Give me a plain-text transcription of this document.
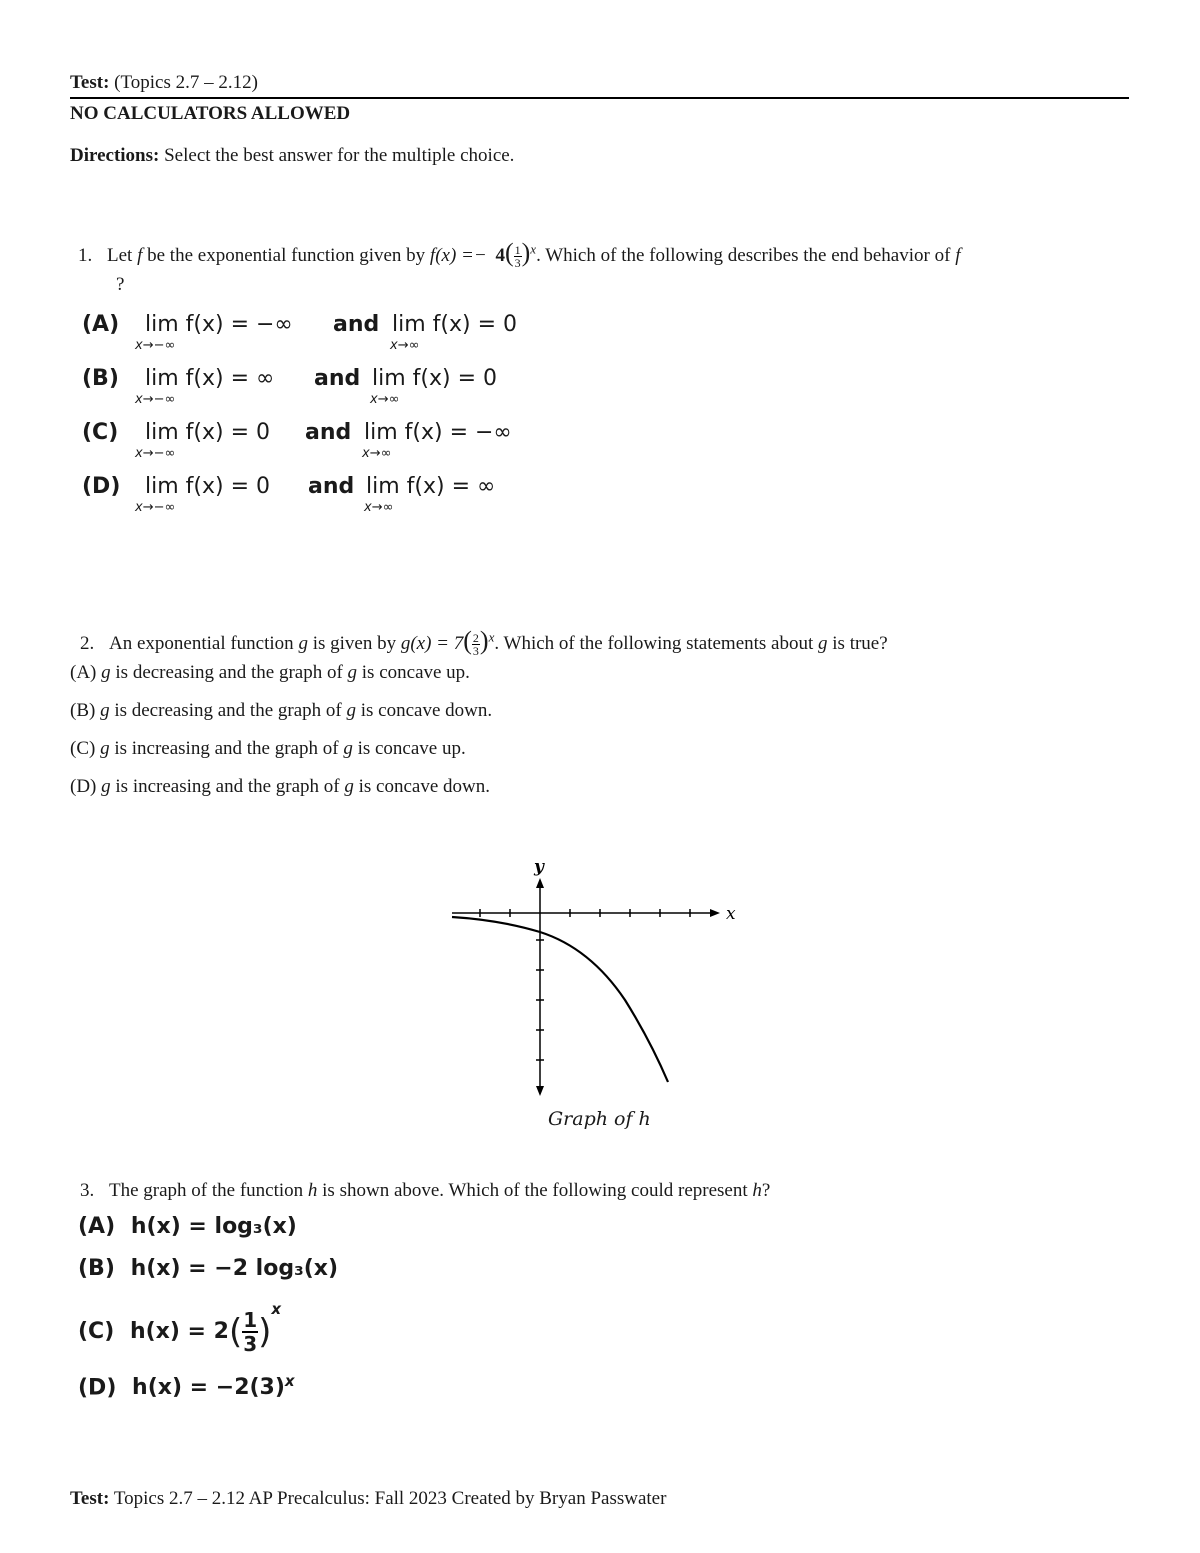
Test: (Topics 2.7 – 2.12)
NO CALCULATORS ALLOWED
Directions: Select the best answer for the multiple choice.
1. Let f be the exponential function given by $f(x) =- 4( \frac{1}{3} )^x$. Which of the following describes the end behavior of f
?
(A) lim f(x) = −∞
x→−∞
and lim f(x) = 0
x→∞
(B) lim f(x) = ∞
x→−∞
and lim f(x) = 0
x→∞
(C) lim f(x) = 0
x→−∞
and lim f(x) = −∞
x→∞
(D) lim f(x) = 0
x→−∞
and lim f(x) = ∞
x→∞
2. An exponential function g is given by $g(x) = 7( \frac{2}{3} )^x$. Which of the following statements about g is true?
(A) g is decreasing and the graph of g is concave up.
(B) g is decreasing and the graph of g is concave down.
(C) g is increasing and the graph of g is concave up.
(D) g is increasing and the graph of g is concave down.
y
x
Graph of h
3. The graph of the function h is shown above. Which of the following could represent h?
(A) h(x) = log₃(x)
(B) h(x) = −2 log₃(x)
(C) $h(x) = 2( \frac{1}{3} )^x$
(D) $h(x) = -2(3)^x$
Test: Topics 2.7 – 2.12 AP Precalculus: Fall 2023 Created by Bryan Passwater
